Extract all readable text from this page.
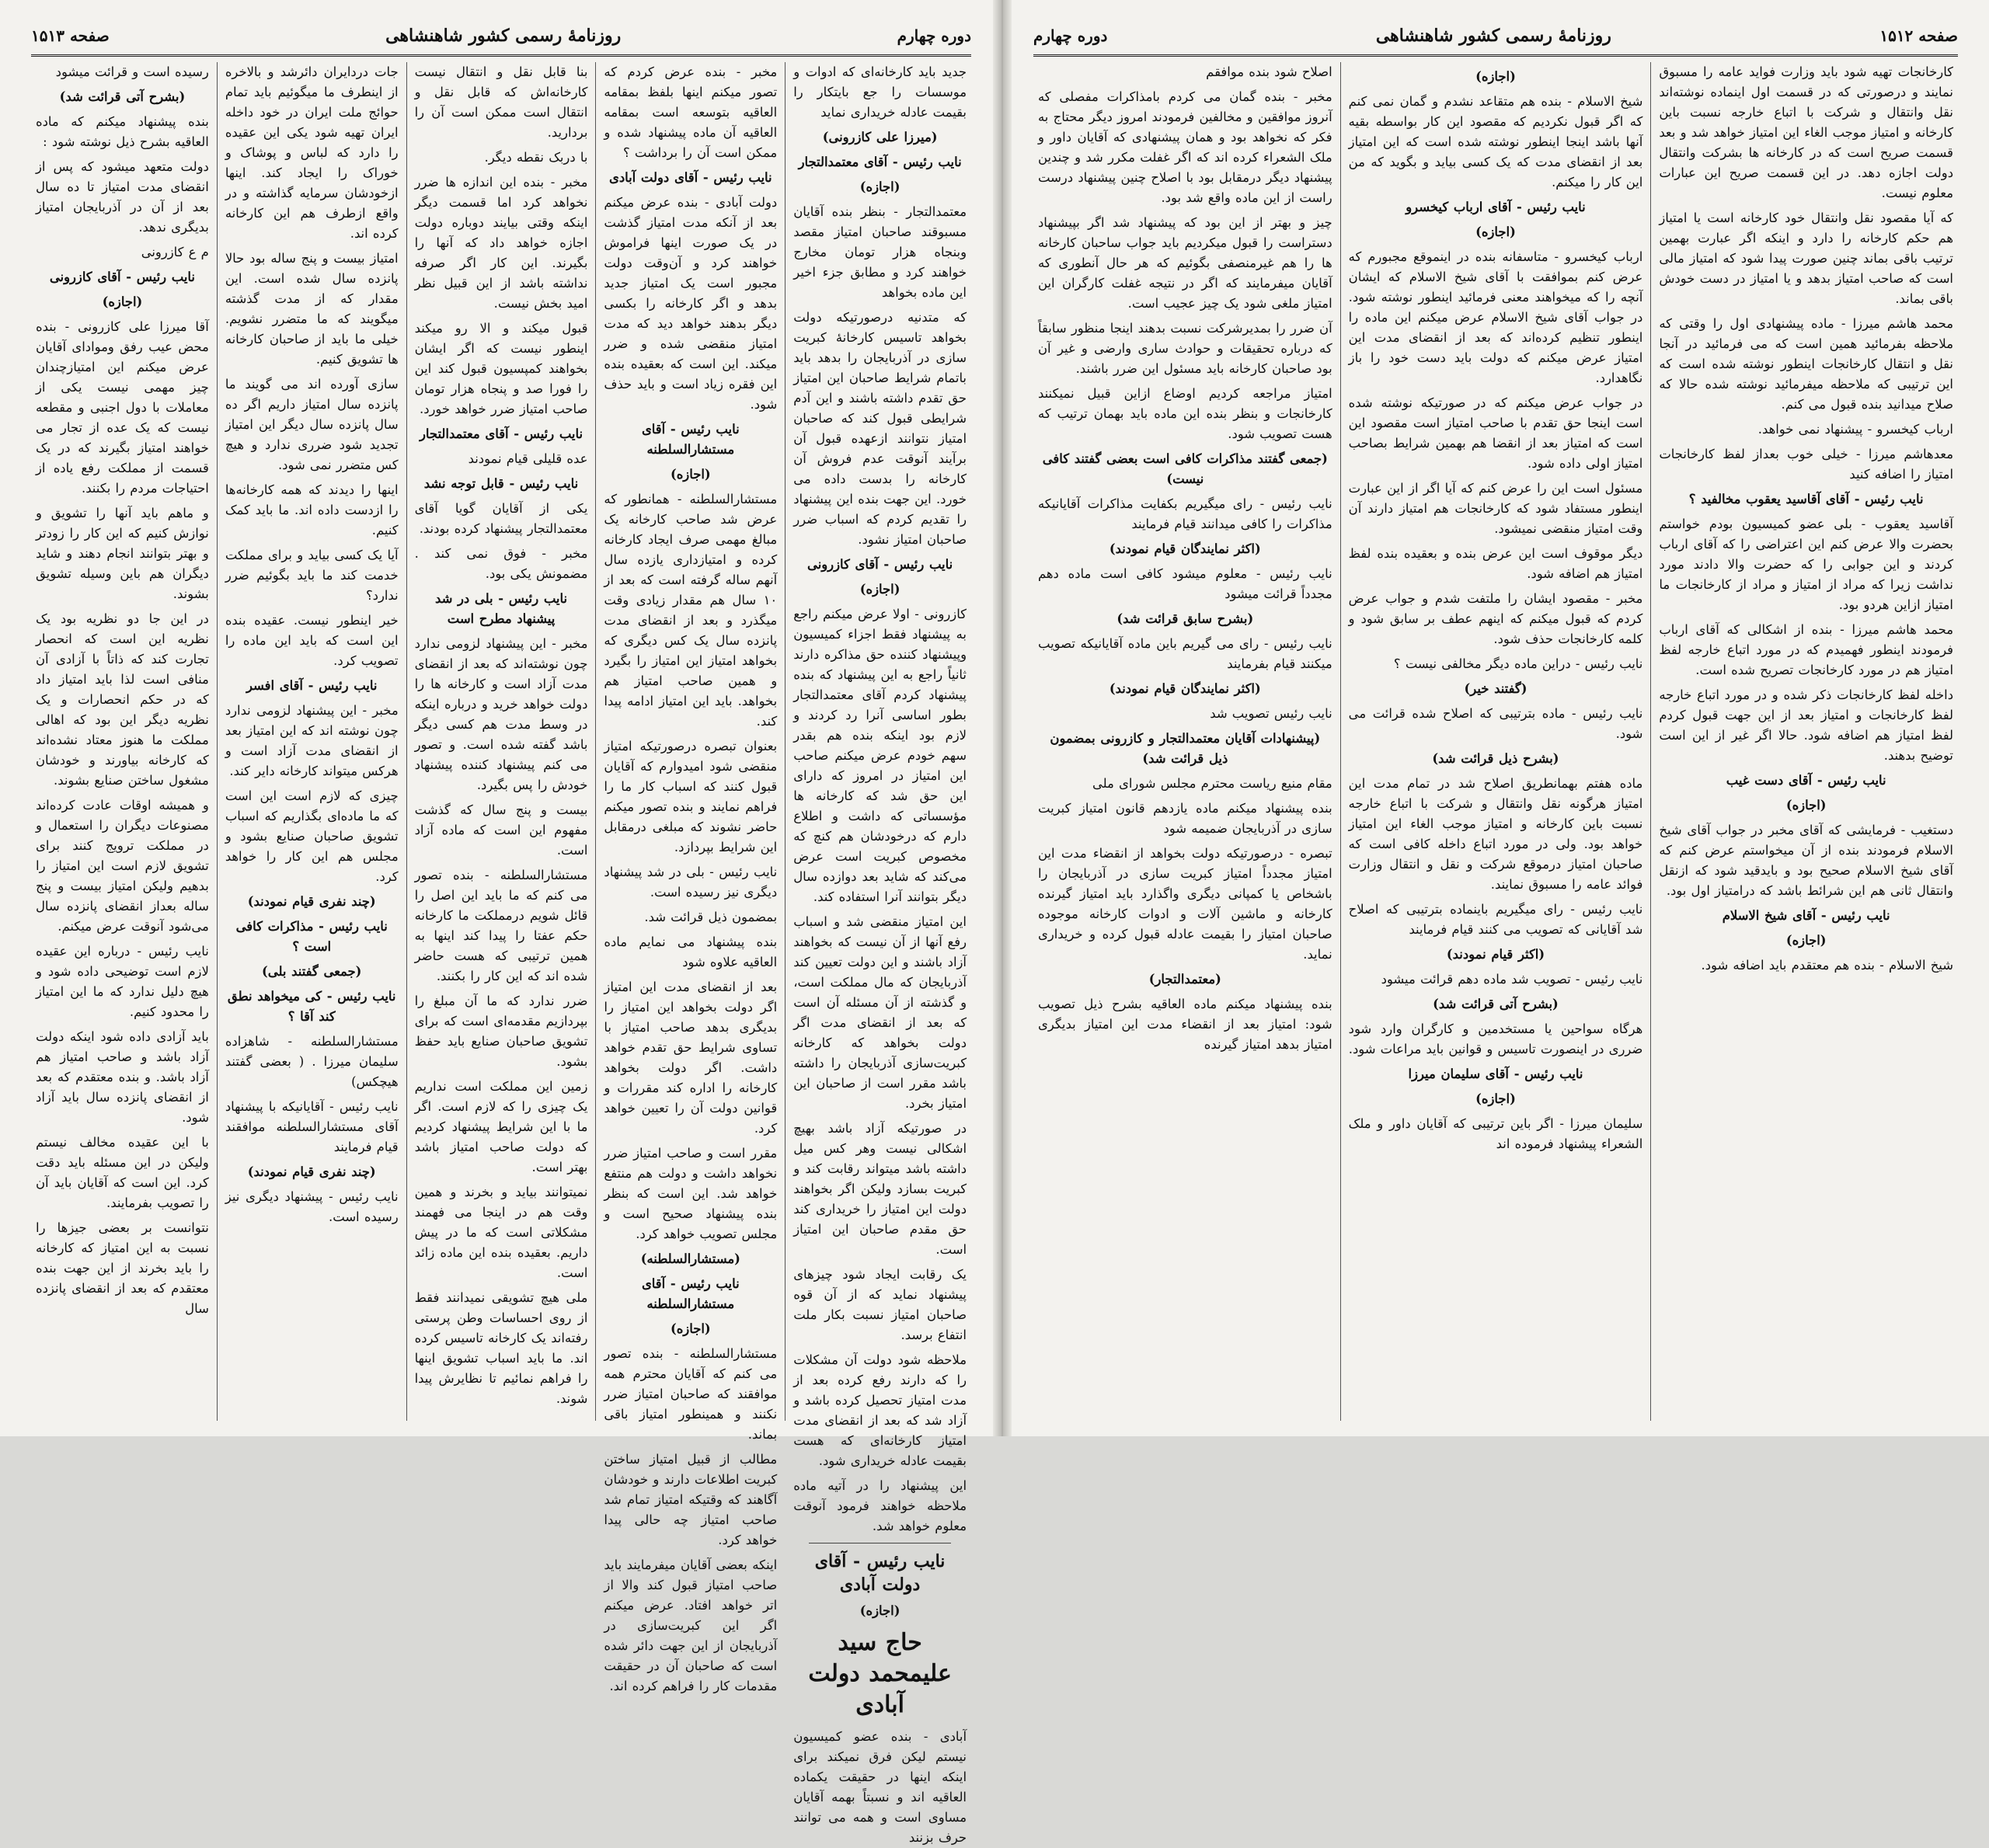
دوره چهارم
روزنامهٔ رسمی کشور شاهنشاهی
صفحه ۱۵۱۳

جدید باید کارخانه‌ای که ادوات و موسسات را جع بایتکار را بقیمت عادله خریداری نماید

(میرزا علی کازرونی)

نایب رئیس - آقای معتمدالتجار

(اجازه)

معتمدالتجار - بنظر بنده آقایان مسبوقند صاحبان امتیاز مقصد وبنجاه هزار تومان مخارج خواهند کرد و مطابق جزء اخیر این ماده بخواهد

که متدنیه درصورتیکه دولت بخواهد تاسیس کارخانهٔ کبریت سازی در آذربایجان را بدهد باید باتمام شرایط صاحبان این امتیاز حق تقدم داشته باشند و این آدم شرایطی قبول کند که صاحبان امتیاز نتوانند ازعهده قبول آن برآیند آنوقت عدم فروش آن کارخانه را بدست داده می خورد. این جهت بنده این پیشنهاد را تقدیم کردم که اسباب ضرر صاحبان امتیاز نشود.

نایب رئیس - آقای کازرونی

(اجازه)

کازرونی - اولا عرض میکنم راجع به پیشنهاد فقط اجزاء کمیسیون وپیشنهاد کننده حق مذاکره دارند ثانیاً راجع به این پیشنهاد که بنده پیشنهاد کردم آقای معتمدالتجار بطور اساسی آنرا رد کردند و لازم بود اینکه بنده هم بقدر سهم خودم عرض میکنم صاحب این امتیاز در امروز که دارای این حق شد که کارخانه ها مؤسساتی که داشت و اطلاع دارم که درخودشان هم کنچ که مخصوص کبریت است عرض می‌کند که شاید بعد دوازده سال دیگر بتوانند آنرا استفاده کند.

این امتیاز منقضی شد و اسباب رفع آنها از آن نیست که بخواهند آزاد باشند و این دولت تعیین کند آذربایجان که مال مملکت است، و گذشته از آن مسئله آن است که بعد از انقضای مدت اگر دولت بخواهد که کارخانه کبریت‌سازی آذربایجان را داشته باشد مقرر است از صاحبان این امتیاز بخرد.

در صورتیکه آزاد باشد بهیچ اشکالی نیست وهر کس میل داشته باشد میتواند رقابت کند و کبریت بسازد ولیکن اگر بخواهند دولت این امتیاز را خریداری کند حق مقدم صاحبان این امتیاز است.

یک رقابت ایجاد شود چیزهای پیشنهاد نماید که از آن قوه صاحبان امتیاز نسبت بکار ملت انتفاع برسد.

ملاحظه شود دولت آن مشکلات را که دارند رفع کرده بعد از مدت امتیاز تحصیل کرده باشد و آزاد شد که بعد از انقضای مدت امتیاز کارخانه‌ای که هست بقیمت عادله خریداری شود.

این پیشنهاد را در آتیه ماده ملاحظه خواهند فرمود آنوقت معلوم خواهد شد.

نایب رئیس - آقای دولت آبادی

(اجازه)

حاج سید علیمحمد دولت آبادی

آبادی - بنده عضو کمیسیون نیستم لیکن فرق نمیکند برای اینکه اینها در حقیقت یکماده العاقیه اند و نسبتاً بهمه آقایان مساوی است و همه می توانند حرف بزنند

مخبر - بنده عرض کردم که تصور میکنم اینها بلفظ بمقامه العاقیه بتوسعه است بمقامه العاقیه آن ماده پیشنهاد شده و ممکن است آن را برداشت ؟

نایب رئیس - آقای دولت آبادی

دولت آبادی - بنده عرض میکنم بعد از آنکه مدت امتیاز گذشت در یک صورت اینها فراموش خواهند کرد و آن‌وقت دولت مجبور است یک امتیاز جدید بدهد و اگر کارخانه را بکسی دیگر بدهند خواهد دید که مدت امتیاز منقضی شده و ضرر میکند. این است که بعقیده بنده این فقره زیاد است و باید حذف شود.

نایب رئیس - آقای مستشارالسلطنه

(اجازه)

مستشارالسلطنه - همانطور که عرض شد صاحب کارخانه یک مبالغ مهمی صرف ایجاد کارخانه کرده و امتیازداری یازده سال آنهم ساله گرفته است که بعد از ۱۰ سال هم مقدار زیادی وقت میگذرد و بعد از انقضای مدت پانزده سال یک کس دیگری که بخواهد امتیاز این امتیاز را بگیرد و همین صاحب امتیاز هم بخواهد. باید این امتیاز ادامه پیدا کند.

بعنوان تبصره درصورتیکه امتیاز منقضی شود امیدوارم که آقایان قبول کنند که اسباب کار ما را فراهم نمایند و بنده تصور میکنم حاضر نشوند که مبلغی درمقابل این شرایط بپردازد.

نایب رئیس - بلی در شد پیشنهاد دیگری نیز رسیده است.

بمضمون ذیل قرائت شد.

بنده پیشنهاد می نمایم ماده العاقیه علاوه شود

بعد از انقضای مدت این امتیاز اگر دولت بخواهد این امتیاز را بدیگری بدهد صاحب امتیاز با تساوی شرایط حق تقدم خواهد داشت. اگر دولت بخواهد کارخانه را اداره کند مقررات و قوانین دولت آن را تعیین خواهد کرد.

مقرر است و صاحب امتیاز ضرر نخواهد داشت و دولت هم منتفع خواهد شد. این است که بنظر بنده پیشنهاد صحیح است و مجلس تصویب خواهد کرد.

(مستشارالسلطنه)

نایب رئیس - آقای مستشارالسلطنه

(اجازه)

مستشارالسلطنه - بنده تصور می کنم که آقایان محترم همه موافقند که صاحبان امتیاز ضرر نکنند و همینطور امتیاز باقی بماند.

مطالب از قبیل امتیاز ساختن کبریت اطلاعات دارند و خودشان آگاهند که وقتیکه امتیاز تمام شد صاحب امتیاز چه حالی پیدا خواهد کرد.

اینکه بعضی آقایان میفرمایند باید صاحب امتیاز قبول کند والا از اتر خواهد افتاد. عرض میکنم اگر این کبریت‌سازی در آذربایجان از این جهت دائر شده است که صاحبان آن در حقیقت مقدمات کار را فراهم کرده اند.

بنا قابل نقل و انتقال نیست کارخانه‌اش که قابل نقل و انتقال است ممکن است آن را بردارید.

با دربک نقطه دیگر.

مخبر - بنده این اندازه ها ضرر نخواهد کرد اما قسمت دیگر اینکه وقتی بیایند دوباره دولت اجازه خواهد داد که آنها را بگیرند. این کار اگر صرفه نداشته باشد از این قبیل نظر امید بخش نیست.

قبول میکند و الا رو میکند اینطور نیست که اگر ایشان بخواهند کمپسیون قبول کند این را فورا صد و پنجاه هزار تومان صاحب امتیاز ضرر خواهد خورد.

نایب رئیس - آقای معتمدالتجار

عده قلیلی قیام نمودند

نایب رئیس - قابل توجه نشد

یکی از آقایان گویا آقای معتمدالتجار پیشنهاد کرده بودند.

مخبر - فوق نمی کند . مضمونش یکی بود.

نایب رئیس - بلی در شد پیشنهاد مطرح است

مخبر - این پیشنهاد لزومی ندارد چون نوشته‌اند که بعد از انقضای مدت آزاد است و کارخانه ها را دولت خواهد خرید و درباره اینکه در وسط مدت هم کسی دیگر باشد گفته شده است. و تصور می کنم پیشنهاد کننده پیشنهاد خودش را پس بگیرد.

بیست و پنج سال که گذشت مفهوم این است که ماده آزاد است.

مستشارالسلطنه - بنده تصور می کنم که ما باید این اصل را قائل شویم درمملکت ما کارخانه حکم عفتا را پیدا کند اینها به همین ترتیبی که هست حاضر شده اند که این کار را بکنند.

ضرر ندارد که ما آن مبلغ را بپردازیم مقدمه‌ای است که برای تشویق صاحبان صنایع باید حفظ بشود.

زمین این مملکت است نداریم یک چیزی را که لازم است. اگر ما با این شرایط پیشنهاد کردیم که دولت صاحب امتیاز باشد بهتر است.

نمیتوانند بیاید و بخرند و همین وقت هم در اینجا می فهمند مشکلاتی است که ما در پیش داریم. بعقیده بنده این ماده زائد است.

ملی هیچ تشویقی نمیدانند فقط از روی احساسات وطن پرستی رفته‌اند یک کارخانه تاسیس کرده اند. ما باید اسباب تشویق اینها را فراهم نمائیم تا نظایرش پیدا شوند.

جات دردایران دائرشد و بالاخره از اینطرف ما میگوئیم باید تمام حوائج ملت ایران در خود داخله ایران تهیه شود یکی این عقیده را دارد که لباس و پوشاک و خوراک را ایجاد کند. اینها ازخودشان سرمایه گذاشته و در واقع ازطرف هم این کارخانه کرده اند.

امتیاز بیست و پنج ساله بود حالا پانزده سال شده است. این مقدار که از مدت گذشته میگویند که ما متضرر نشویم. خیلی ما باید از صاحبان کارخانه ها تشویق کنیم.

سازی آورده اند می گویند ما پانزده سال امتیاز داریم اگر ده سال پانزده سال دیگر این امتیاز تجدید شود ضرری ندارد و هیچ کس متضرر نمی شود.

اینها را دیدند که همه کارخانه‌ها را ازدست داده اند. ما باید کمک کنیم.

آیا یک کسی بیاید و برای مملکت خدمت کند ما باید بگوئیم ضرر ندارد؟

خیر اینطور نیست. عقیده بنده این است که باید این ماده را تصویب کرد.

نایب رئیس - آقای افسر

مخبر - این پیشنهاد لزومی ندارد چون نوشته اند که این امتیاز بعد از انقضای مدت آزاد است و هرکس میتواند کارخانه دایر کند.

چیزی که لازم است این است که ما ماده‌ای بگذاریم که اسباب تشویق صاحبان صنایع بشود و مجلس هم این کار را خواهد کرد.

(چند نفری قیام نمودند)

نایب رئیس - مذاکرات کافی است ؟

(جمعی گفتند بلی)

نایب رئیس - کی میخواهد نطق کند آقا ؟

مستشارالسلطنه - شاهزاده سلیمان میرزا . ( بعضی گفتند هیچکس)

نایب رئیس - آقایانیکه با پیشنهاد آقای مستشارالسلطنه موافقند قیام فرمایند

(چند نفری قیام نمودند)

نایب رئیس - پیشنهاد دیگری نیز رسیده است.

رسیده است و قرائت میشود

(بشرح آتی قرائت شد)

بنده پیشنهاد میکنم که ماده العاقیه بشرح ذیل نوشته شود :

دولت متعهد میشود که پس از انقضای مدت امتیاز تا ده سال بعد از آن در آذربایجان امتیاز بدیگری ندهد.

م ع کازرونی

نایب رئیس - آقای کازرونی

(اجازه)

آقا میرزا علی کازرونی - بنده محض عیب رفق وموادای آقایان عرض میکنم این امتیازچندان چیز مهمی نیست یکی از معاملات با دول اجنبی و مقطعه نیست که یک عده از تجار می خواهند امتیاز بگیرند که در یک قسمت از مملکت رفع یاده از احتیاجات مردم را بکنند.

و ماهم باید آنها را تشویق و نوازش کنیم که این کار را زودتر و بهتر بتوانند انجام دهند و شاید دیگران هم باین وسیله تشویق بشوند.

در این جا دو نظریه بود یک نظریه این است که انحصار تجارت کند که ذاتاً با آزادی آن منافی است لذا باید امتیاز داد که در حکم انحصارات و یک نظریه دیگر این بود که اهالی مملکت ما هنوز معتاد نشده‌اند که کارخانه بیاورند و خودشان مشغول ساختن صنایع بشوند.

و همیشه اوقات عادت کرده‌اند مصنوعات دیگران را استعمال و در مملکت ترویج کنند برای تشویق لازم است این امتیاز را بدهیم ولیکن امتیاز بیست و پنج ساله بعداز انقضای پانزده سال می‌شود آنوقت عرض میکنم.

نایب رئیس - درباره این عقیده لازم است توضیحی داده شود و هیچ دلیل ندارد که ما این امتیاز را محدود کنیم.

باید آزادی داده شود اینکه دولت آزاد باشد و صاحب امتیاز هم آزاد باشد. و بنده معتقدم که بعد از انقضای پانزده سال باید آزاد شود.

با این عقیده مخالف نیستم ولیکن در این مسئله باید دقت کرد. این است که آقایان باید آن را تصویب بفرمایند.

نتوانست بر بعضی جیزها را نسبت به این امتیاز که کارخانه را باید بخرند از این جهت بنده معتقدم که بعد از انقضای پانزده سال

صفحه ۱۵۱۲
روزنامهٔ رسمی کشور شاهنشاهی
دوره چهارم

کارخانجات تهیه شود باید وزارت فواید عامه را مسبوق نمایند و درصورتی که در قسمت اول اینماده نوشته‌اند نقل وانتقال و شرکت با اتباع خارجه نسبت باین کارخانه و امتیاز موجب الغاء این امتیاز خواهد شد و بعد قسمت صریح است که در کارخانه ها بشرکت وانتقال دولت اجازه دهد. در این قسمت صریح این عبارات معلوم نیست.

که آیا مقصود نقل وانتقال خود کارخانه است یا امتیاز هم حکم کارخانه را دارد و اینکه اگر عبارت بهمین ترتیب باقی بماند چنین صورت پیدا شود که امتیاز مالی است که صاحب امتیاز بدهد و یا امتیاز در دست خودش باقی بماند.

محمد هاشم میرزا - ماده پیشنهادی اول را وقتی که ملاحظه بفرمائید همین است که می فرمائید در آنجا نقل و انتقال کارخانجات اینطور نوشته شده است که این ترتیبی که ملاحظه میفرمائید نوشته شده حالا که صلاح میدانید بنده قبول می کنم.

ارباب کیخسرو - پیشنهاد نمی خواهد.

معدهاشم میرزا - خیلی خوب بعداز لفظ کارخانجات امتیاز را اضافه کنید

نایب رئیس - آقای آقاسید یعقوب مخالفید ؟

آقاسید یعقوب - بلی عضو کمیسیون بودم خواستم بحضرت والا عرض کنم این اعتراضی را که آقای ارباب کردند و این جوابی را که حضرت والا دادند مورد نداشت زیرا که مراد از امتیاز و مراد از کارخانجات ما امتیاز ازاین هردو بود.

محمد هاشم میرزا - بنده از اشکالی که آقای ارباب فرمودند اینطور فهمیدم که در مورد اتباع خارجه لفظ امتیاز هم در مورد کارخانجات تصریح شده است.

داخله لفظ کارخانجات ذکر شده و در مورد اتباع خارجه لفظ کارخانجات و امتیاز بعد از این جهت قبول کردم لفظ امتیاز هم اضافه شود. حالا اگر غیر از این است توضیح بدهند.

نایب رئیس - آقای دست غیب

(اجازه)

دستغیب - فرمایشی که آقای مخبر در جواب آقای شیخ الاسلام فرمودند بنده از آن میخواستم عرض کنم که آقای شیخ الاسلام صحیح بود و بایدقید شود که ازنقل وانتقال ثانی هم این شرائط باشد که درامتیاز اول بود.

نایب رئیس - آقای شیخ الاسلام

(اجازه)

شیخ الاسلام - بنده هم معتقدم باید اضافه شود.

(اجازه)

شیخ الاسلام - بنده هم متقاعد نشدم و گمان نمی کنم که اگر قبول نکردیم که مقصود این کار بواسطه بقیه آنها باشد اینجا اینطور نوشته شده است که این امتیاز بعد از انقضای مدت که یک کسی بیاید و بگوید که من این کار را میکنم.

نایب رئیس - آقای ارباب کیخسرو

(اجازه)

ارباب کیخسرو - متاسفانه بنده در اینموقع مجبورم که عرض کنم بموافقت با آقای شیخ الاسلام که ایشان آنچه را که میخواهند معنی فرمائید اینطور نوشته شود. در جواب آقای شیخ الاسلام عرض میکنم این ماده را اینطور تنظیم کرده‌اند که بعد از انقضای مدت این امتیاز عرض میکنم که دولت باید دست خود را باز نگاهدارد.

در جواب عرض میکنم که در صورتیکه نوشته شده است اینجا حق تقدم با صاحب امتیاز است مقصود این است که امتیاز بعد از انقضا هم بهمین شرایط بصاحب امتیاز اولی داده شود.

مسئول است این را عرض کنم که آیا اگر از این عبارت اینطور مستفاد شود که کارخانجات هم امتیاز دارند آن وقت امتیاز منقضی نمیشود.

دیگر موقوف است این عرض بنده و بعقیده بنده لفظ امتیاز هم اضافه شود.

مخبر - مقصود ایشان را ملتفت شدم و جواب عرض کردم که قبول میکنم که اینهم عطف بر سابق شود و کلمه کارخانجات حذف شود.

نایب رئیس - دراین ماده دیگر مخالفی نیست ؟

(گفتند خیر)

نایب رئیس - ماده بترتیبی که اصلاح شده قرائت می شود.

(بشرح ذیل قرائت شد)

ماده هفتم بهمانطریق اصلاح شد در تمام مدت این امتیاز هرگونه نقل وانتقال و شرکت با اتباع خارجه نسبت باین کارخانه و امتیاز موجب الغاء این امتیاز خواهد بود. ولی در مورد اتباع داخله کافی است که صاحبان امتیاز درموقع شرکت و نقل و انتقال وزارت فوائد عامه را مسبوق نمایند.

نایب رئیس - رای میگیریم باینماده بترتیبی که اصلاح شد آقایانی که تصویب می کنند قیام فرمایند

(اکثر قیام نمودند)

نایب رئیس - تصویب شد ماده دهم قرائت میشود

(بشرح آتی قرائت شد)

هرگاه سواحین یا مستخدمین و کارگران وارد شود ضرری در اینصورت تاسیس و قوانین باید مراعات شود.

نایب رئیس - آقای سلیمان میرزا

(اجازه)

سلیمان میرزا - اگر باین ترتیبی که آقایان داور و ملک الشعراء پیشنهاد فرموده اند

اصلاح شود بنده موافقم

مخبر - بنده گمان می کردم بامذاکرات مفصلی که آنروز موافقین و مخالفین فرمودند امروز دیگر محتاج به فکر که نخواهد بود و همان پیشنهادی که آقایان داور و ملک الشعراء کرده اند که اگر غفلت مکرر شد و چندین پیشنهاد دیگر درمقابل بود با اصلاح چنین پیشنهاد درست راست از این ماده واقع شد بود.

چیز و بهتر از این بود که پیشنهاد شد اگر بپیشنهاد دستراست را قبول میکردیم باید جواب ساحبان کارخانه ها را هم غیرمنصفی بگوئیم که هر حال آنطوری که آقایان میفرمایند که اگر در نتیجه غفلت کارگران این امتیاز ملغی شود یک چیز عجیب است.

آن ضرر را بمدیرشرکت نسبت بدهند اینجا منظور سابقاً که درباره تحقیقات و حوادث ساری وارضی و غیر آن بود صاحبان کارخانه باید مسئول این ضرر باشند.

امتیاز مراجعه کردیم اوضاع ازاین قبیل نمیکنند کارخانجات و بنظر بنده این ماده باید بهمان ترتیب که هست تصویب شود.

(جمعی گفتند مذاکرات کافی است بعضی گفتند کافی نیست)

نایب رئیس - رای میگیریم بکفایت مذاکرات آقایانیکه مذاکرات را کافی میدانند قیام فرمایند

(اکثر نمایندگان قیام نمودند)

نایب رئیس - معلوم میشود کافی است ماده دهم مجدداً قرائت میشود

(بشرح سابق قرائت شد)

نایب رئیس - رای می گیریم باین ماده آقایانیکه تصویب میکنند قیام بفرمایند

(اکثر نمایندگان قیام نمودند)

نایب رئیس تصویب شد

(پیشنهادات آقایان معتمدالتجار و کازرونی بمضمون ذیل قرائت شد)

مقام منیع ریاست محترم مجلس شورای ملی

بنده پیشنهاد میکنم ماده یازدهم قانون امتیاز کبریت سازی در آذربایجان ضمیمه شود

تبصره - درصورتیکه دولت بخواهد از انقضاء مدت این امتیاز مجدداً امتیاز کبریت سازی در آذربایجان را باشخاص یا کمپانی دیگری واگذارد باید امتیاز گیرنده کارخانه و ماشین آلات و ادوات کارخانه موجوده صاحبان امتیاز را بقیمت عادله قبول کرده و خریداری نماید.

(معتمدالتجار)

بنده پیشنهاد میکنم ماده العاقیه بشرح ذیل تصویب شود: امتیاز بعد از انقضاء مدت این امتیاز بدیگری امتیاز بدهد امتیاز گیرنده
